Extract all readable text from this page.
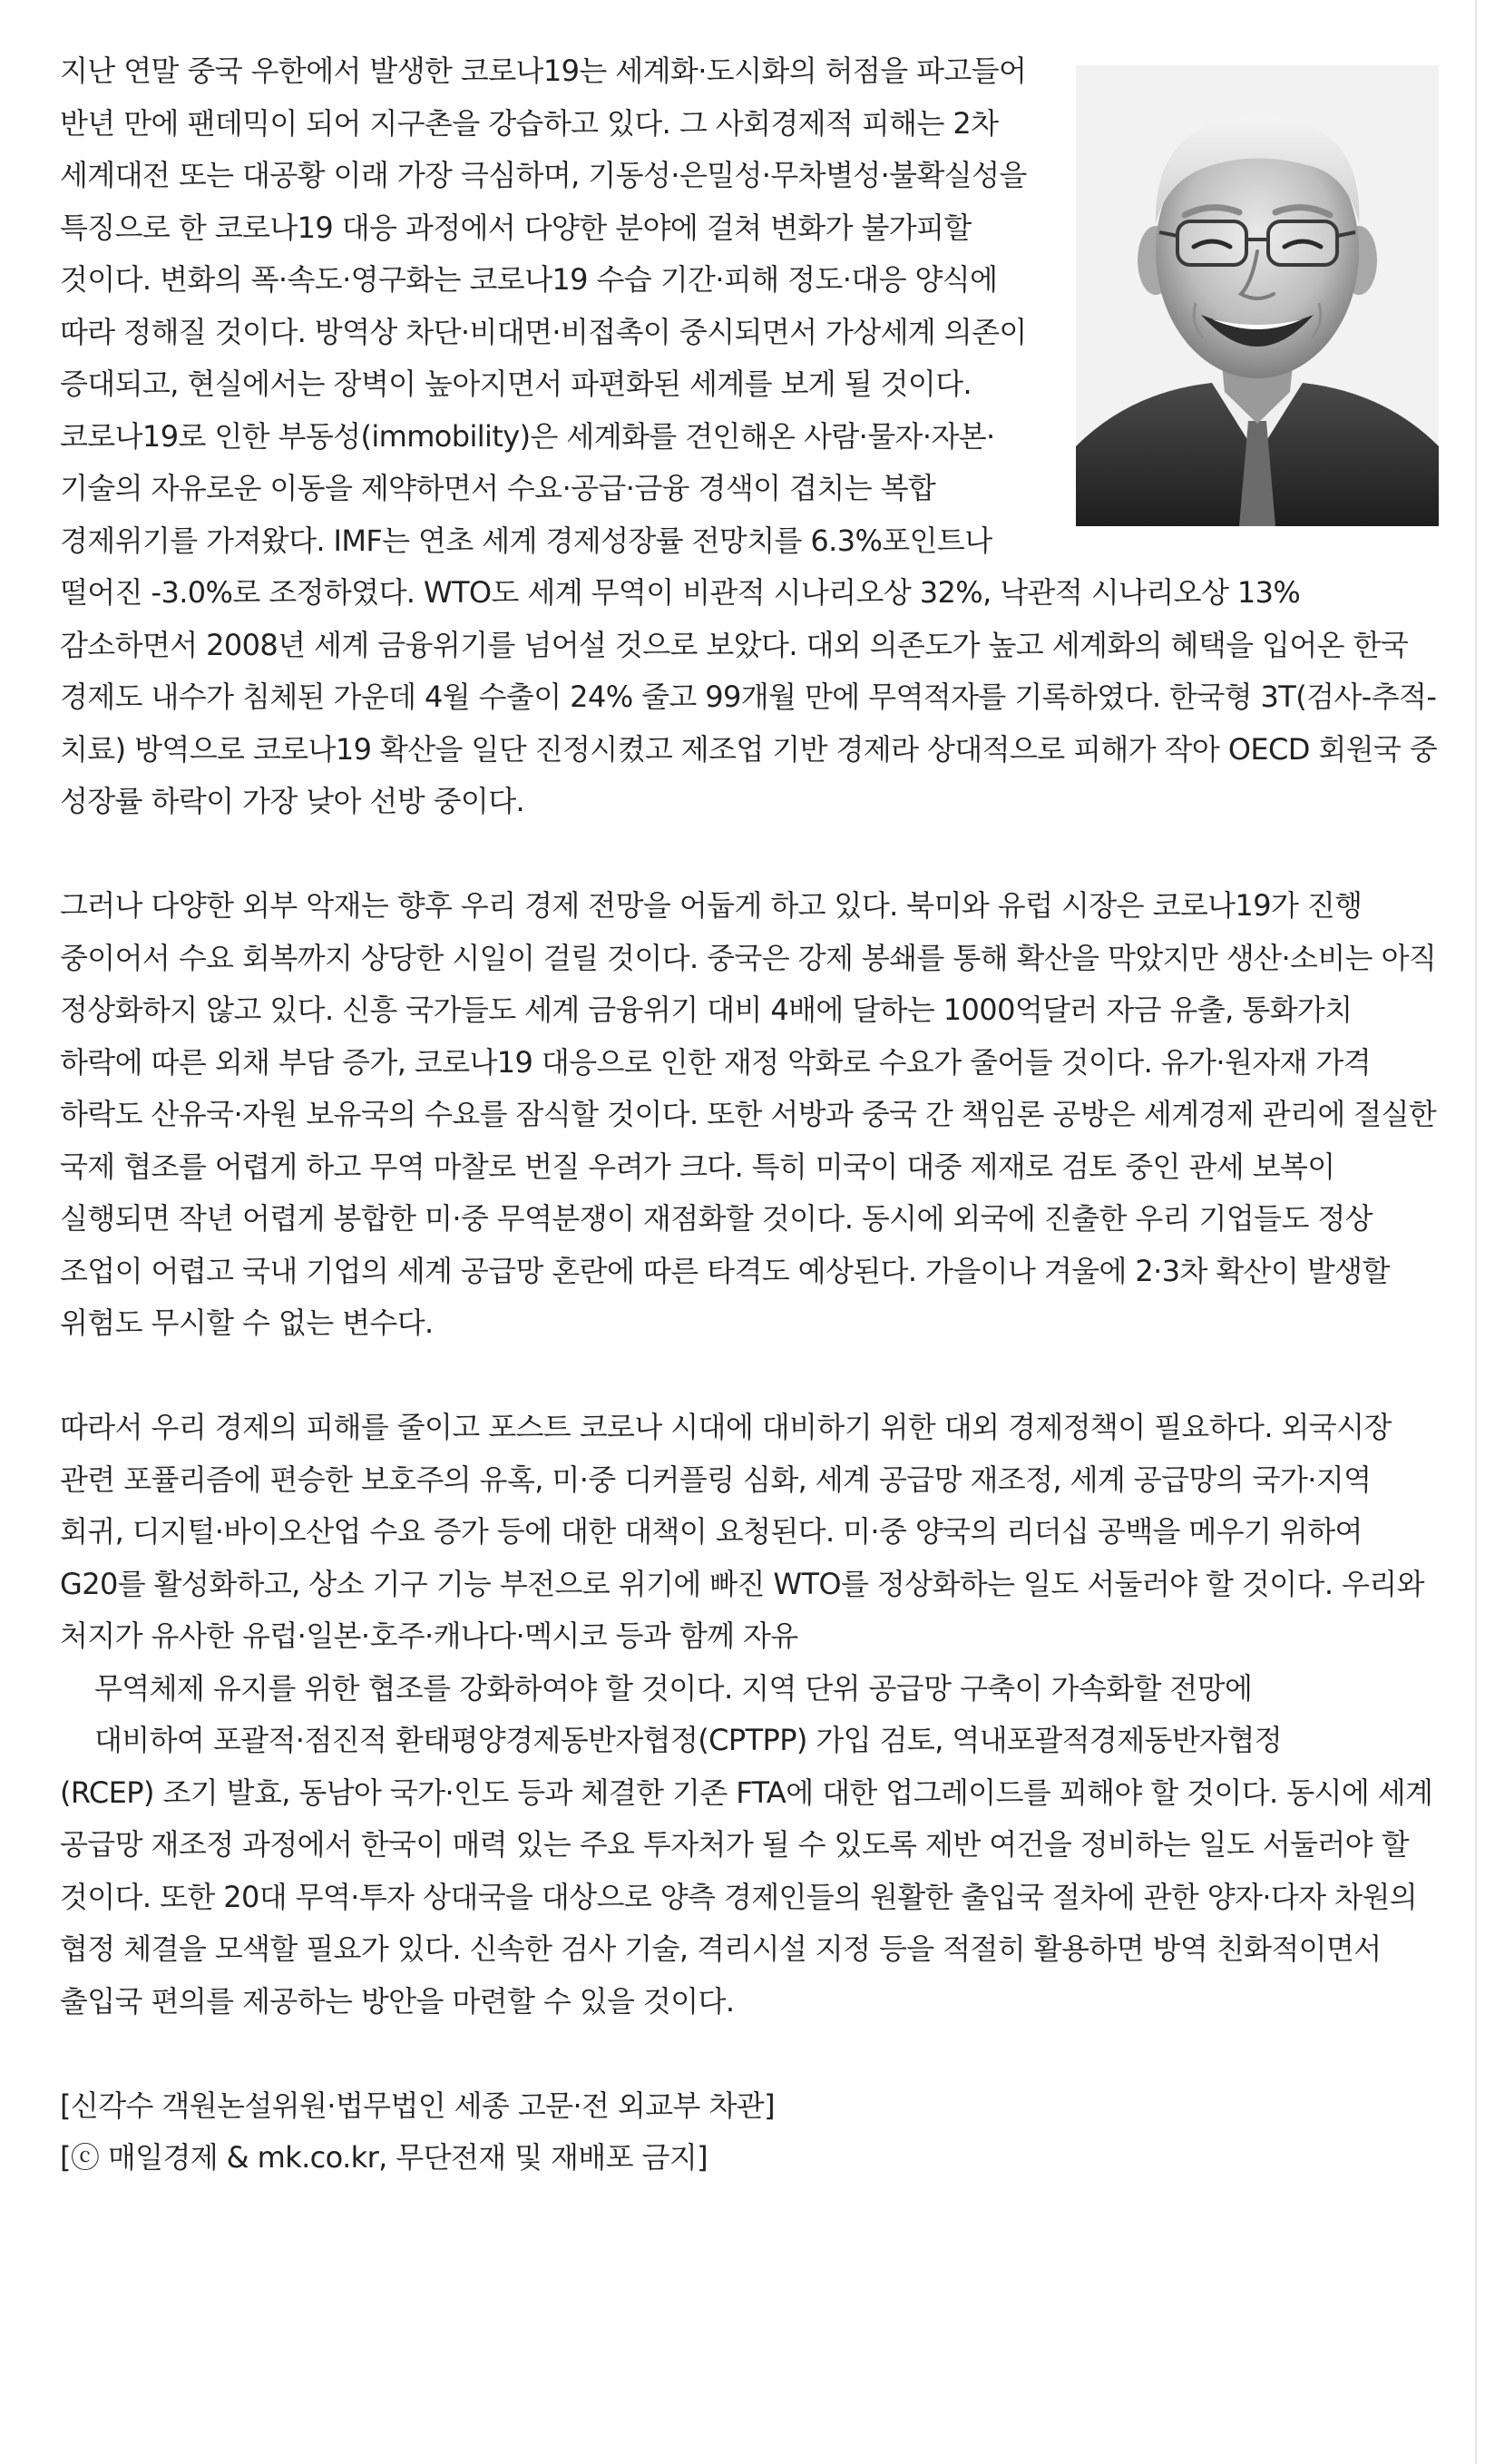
지난 연말 중국 우한에서 발생한 코로나19는 세계화·도시화의 허점을 파고들어 반년 만에 팬데믹이 되어 지구촌을 강습하고 있다. 그 사회경제적 피해는 2차 세계대전 또는 대공황 이래 가장 극심하며, 기동성·은밀성·무차별성·불확실성을 특징으로 한 코로나19 대응 과정에서 다양한 분야에 걸쳐 변화가 불가피할 것이다. 변화의 폭·속도·영구화는 코로나19 수습 기간·피해 정도·대응 양식에 따라 정해질 것이다. 방역상 차단·비대면·비접촉이 중시되면서 가상세계 의존이 증대되고, 현실에서는 장벽이 높아지면서 파편화된 세계를 보게 될 것이다.

코로나19로 인한 부동성(immobility)은 세계화를 견인해온 사람·물자·자본·기술의 자유로운 이동을 제약하면서 수요·공급·금융 경색이 겹치는 복합 경제위기를 가져왔다. IMF는 연초 세계 경제성장률 전망치를 6.3%포인트나 떨어진 -3.0%로 조정하였다. WTO도 세계 무역이 비관적 시나리오상 32%, 낙관적 시나리오상 13% 감소하면서 2008년 세계 금융위기를 넘어설 것으로 보았다. 대외 의존도가 높고 세계화의 혜택을 입어온 한국 경제도 내수가 침체된 가운데 4월 수출이 24% 줄고 99개월 만에 무역적자를 기록하였다. 한국형 3T(검사-추적-치료) 방역으로 코로나19 확산을 일단 진정시켰고 제조업 기반 경제라 상대적으로 피해가 작아 OECD 회원국 중 성장률 하락이 가장 낮아 선방 중이다.

그러나 다양한 외부 악재는 향후 우리 경제 전망을 어둡게 하고 있다. 북미와 유럽 시장은 코로나19가 진행 중이어서 수요 회복까지 상당한 시일이 걸릴 것이다. 중국은 강제 봉쇄를 통해 확산을 막았지만 생산·소비는 아직 정상화하지 않고 있다. 신흥 국가들도 세계 금융위기 대비 4배에 달하는 1000억달러 자금 유출, 통화가치 하락에 따른 외채 부담 증가, 코로나19 대응으로 인한 재정 악화로 수요가 줄어들 것이다. 유가·원자재 가격 하락도 산유국·자원 보유국의 수요를 잠식할 것이다. 또한 서방과 중국 간 책임론 공방은 세계경제 관리에 절실한 국제 협조를 어렵게 하고 무역 마찰로 번질 우려가 크다. 특히 미국이 대중 제재로 검토 중인 관세 보복이 실행되면 작년 어렵게 봉합한 미·중 무역분쟁이 재점화할 것이다. 동시에 외국에 진출한 우리 기업들도 정상 조업이 어렵고 국내 기업의 세계 공급망 혼란에 따른 타격도 예상된다. 가을이나 겨울에 2·3차 확산이 발생할 위험도 무시할 수 없는 변수다.

따라서 우리 경제의 피해를 줄이고 포스트 코로나 시대에 대비하기 위한 대외 경제정책이 필요하다. 외국시장 관련 포퓰리즘에 편승한 보호주의 유혹, 미·중 디커플링 심화, 세계 공급망 재조정, 세계 공급망의 국가·지역 회귀, 디지털·바이오산업 수요 증가 등에 대한 대책이 요청된다. 미·중 양국의 리더십 공백을 메우기 위하여 G20를 활성화하고, 상소 기구 기능 부전으로 위기에 빠진 WTO를 정상화하는 일도 서둘러야 할 것이다. 우리와 처지가 유사한 유럽·일본·호주·캐나다·멕시코 등과 함께 자유

무역체제 유지를 위한 협조를 강화하여야 할 것이다. 지역 단위 공급망 구축이 가속화할 전망에

대비하여 포괄적·점진적 환태평양경제동반자협정(CPTPP) 가입 검토, 역내포괄적경제동반자협정

(RCEP) 조기 발효, 동남아 국가·인도 등과 체결한 기존 FTA에 대한 업그레이드를 꾀해야 할 것이다. 동시에 세계 공급망 재조정 과정에서 한국이 매력 있는 주요 투자처가 될 수 있도록 제반 여건을 정비하는 일도 서둘러야 할 것이다. 또한 20대 무역·투자 상대국을 대상으로 양측 경제인들의 원활한 출입국 절차에 관한 양자·다자 차원의 협정 체결을 모색할 필요가 있다. 신속한 검사 기술, 격리시설 지정 등을 적절히 활용하면 방역 친화적이면서 출입국 편의를 제공하는 방안을 마련할 수 있을 것이다.

[신각수 객원논설위원·법무법인 세종 고문·전 외교부 차관]

[ⓒ 매일경제 & mk.co.kr, 무단전재 및 재배포 금지]
